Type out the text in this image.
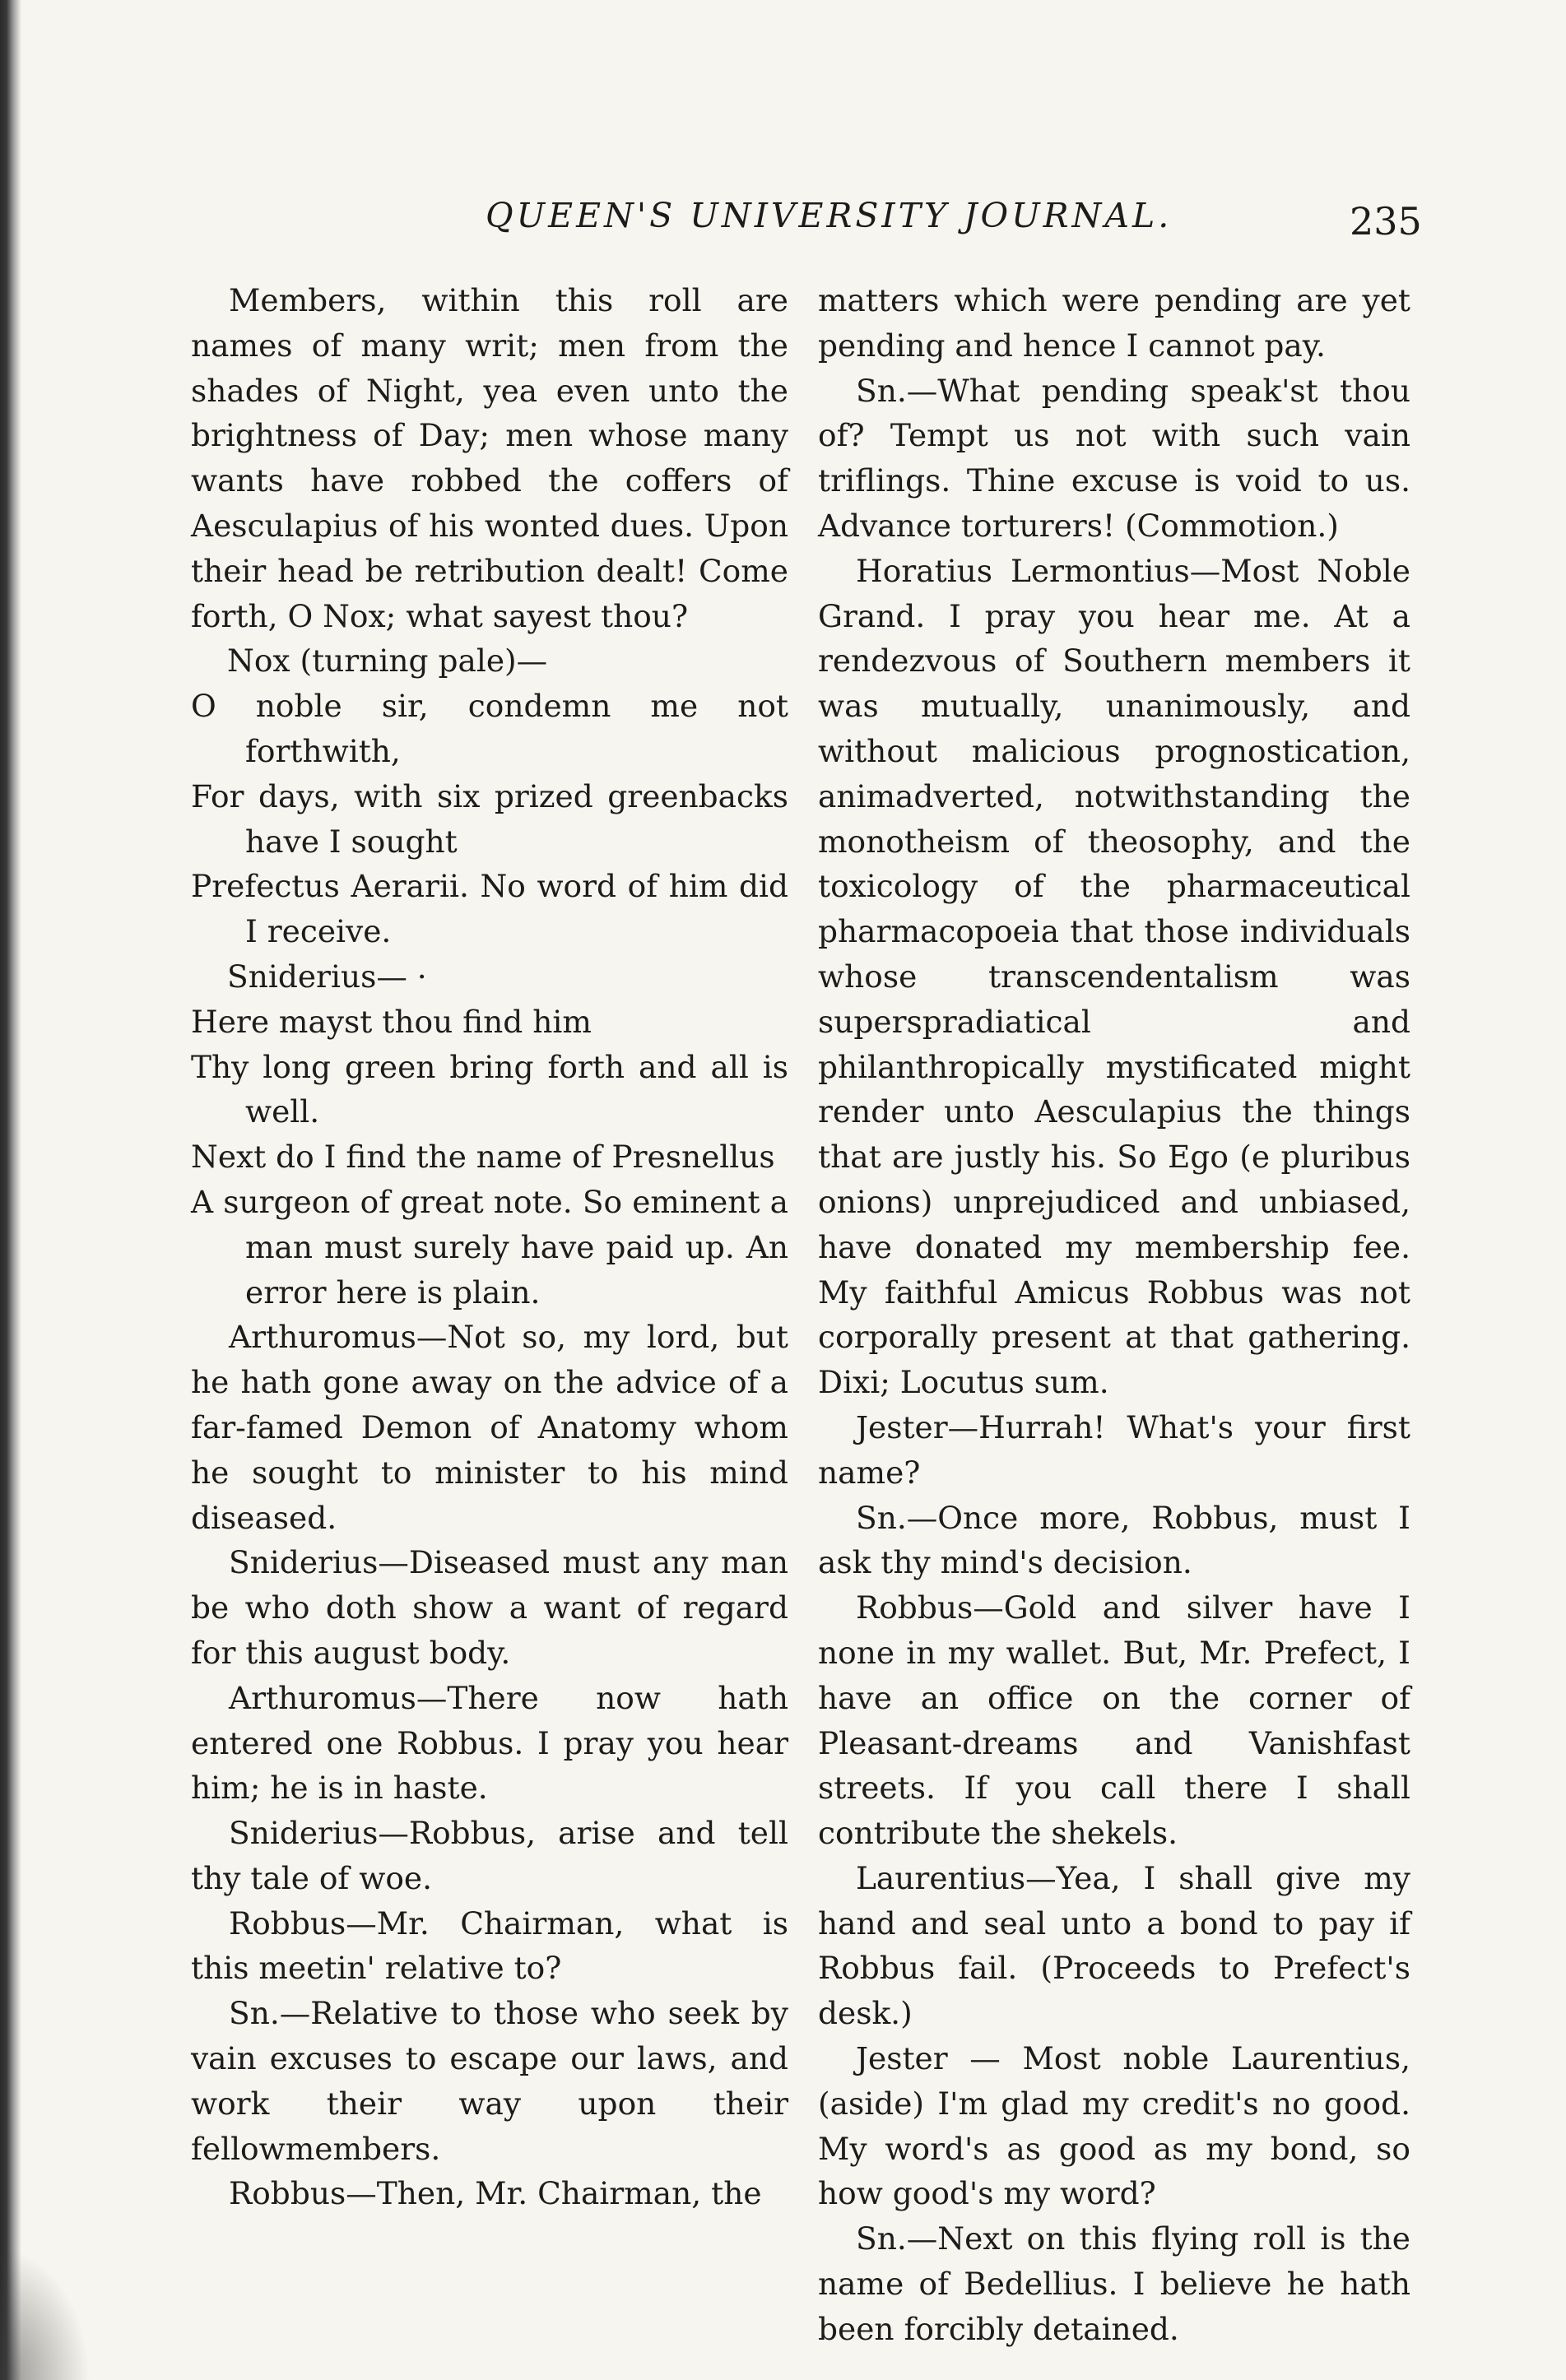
QUEEN'S UNIVERSITY JOURNAL.	235

Members, within this roll are names of many writ; men from the shades of Night, yea even unto the brightness of Day; men whose many wants have robbed the coffers of Aesculapius of his wonted dues. Upon their head be retribution dealt! Come forth, O Nox; what sayest thou?

Nox (turning pale)—

O noble sir, condemn me not forthwith,

For days, with six prized greenbacks have I sought

Prefectus Aerarii. No word of him did I receive.

Sniderius— ·

Here mayst thou find him

Thy long green bring forth and all is well.

Next do I find the name of Presnellus

A surgeon of great note. So eminent a man must surely have paid up. An error here is plain.

Arthuromus—Not so, my lord, but he hath gone away on the advice of a far-famed Demon of Anatomy whom he sought to minister to his mind diseased.

Sniderius—Diseased must any man be who doth show a want of regard for this august body.

Arthuromus—There now hath entered one Robbus. I pray you hear him; he is in haste.

Sniderius—Robbus, arise and tell thy tale of woe.

Robbus—Mr. Chairman, what is this meetin' relative to?

Sn.—Relative to those who seek by vain excuses to escape our laws, and work their way upon their fellowmembers.

Robbus—Then, Mr. Chairman, the

matters which were pending are yet pending and hence I cannot pay.

Sn.—What pending speak'st thou of? Tempt us not with such vain triflings. Thine excuse is void to us. Advance torturers! (Commotion.)

Horatius Lermontius—Most Noble Grand. I pray you hear me. At a rendezvous of Southern members it was mutually, unanimously, and without malicious prognostication, animadverted, notwithstanding the monotheism of theosophy, and the toxicology of the pharmaceutical pharmacopoeia that those individuals whose transcendentalism was superspradiatical and philanthropically mystificated might render unto Aesculapius the things that are justly his. So Ego (e pluribus onions) unprejudiced and unbiased, have donated my membership fee. My faithful Amicus Robbus was not corporally present at that gathering. Dixi; Locutus sum.

Jester—Hurrah! What's your first name?

Sn.—Once more, Robbus, must I ask thy mind's decision.

Robbus—Gold and silver have I none in my wallet. But, Mr. Prefect, I have an office on the corner of Pleasant-dreams and Vanishfast streets. If you call there I shall contribute the shekels.

Laurentius—Yea, I shall give my hand and seal unto a bond to pay if Robbus fail. (Proceeds to Prefect's desk.)

Jester — Most noble Laurentius, (aside) I'm glad my credit's no good. My word's as good as my bond, so how good's my word?

Sn.—Next on this flying roll is the name of Bedellius. I believe he hath been forcibly detained.
